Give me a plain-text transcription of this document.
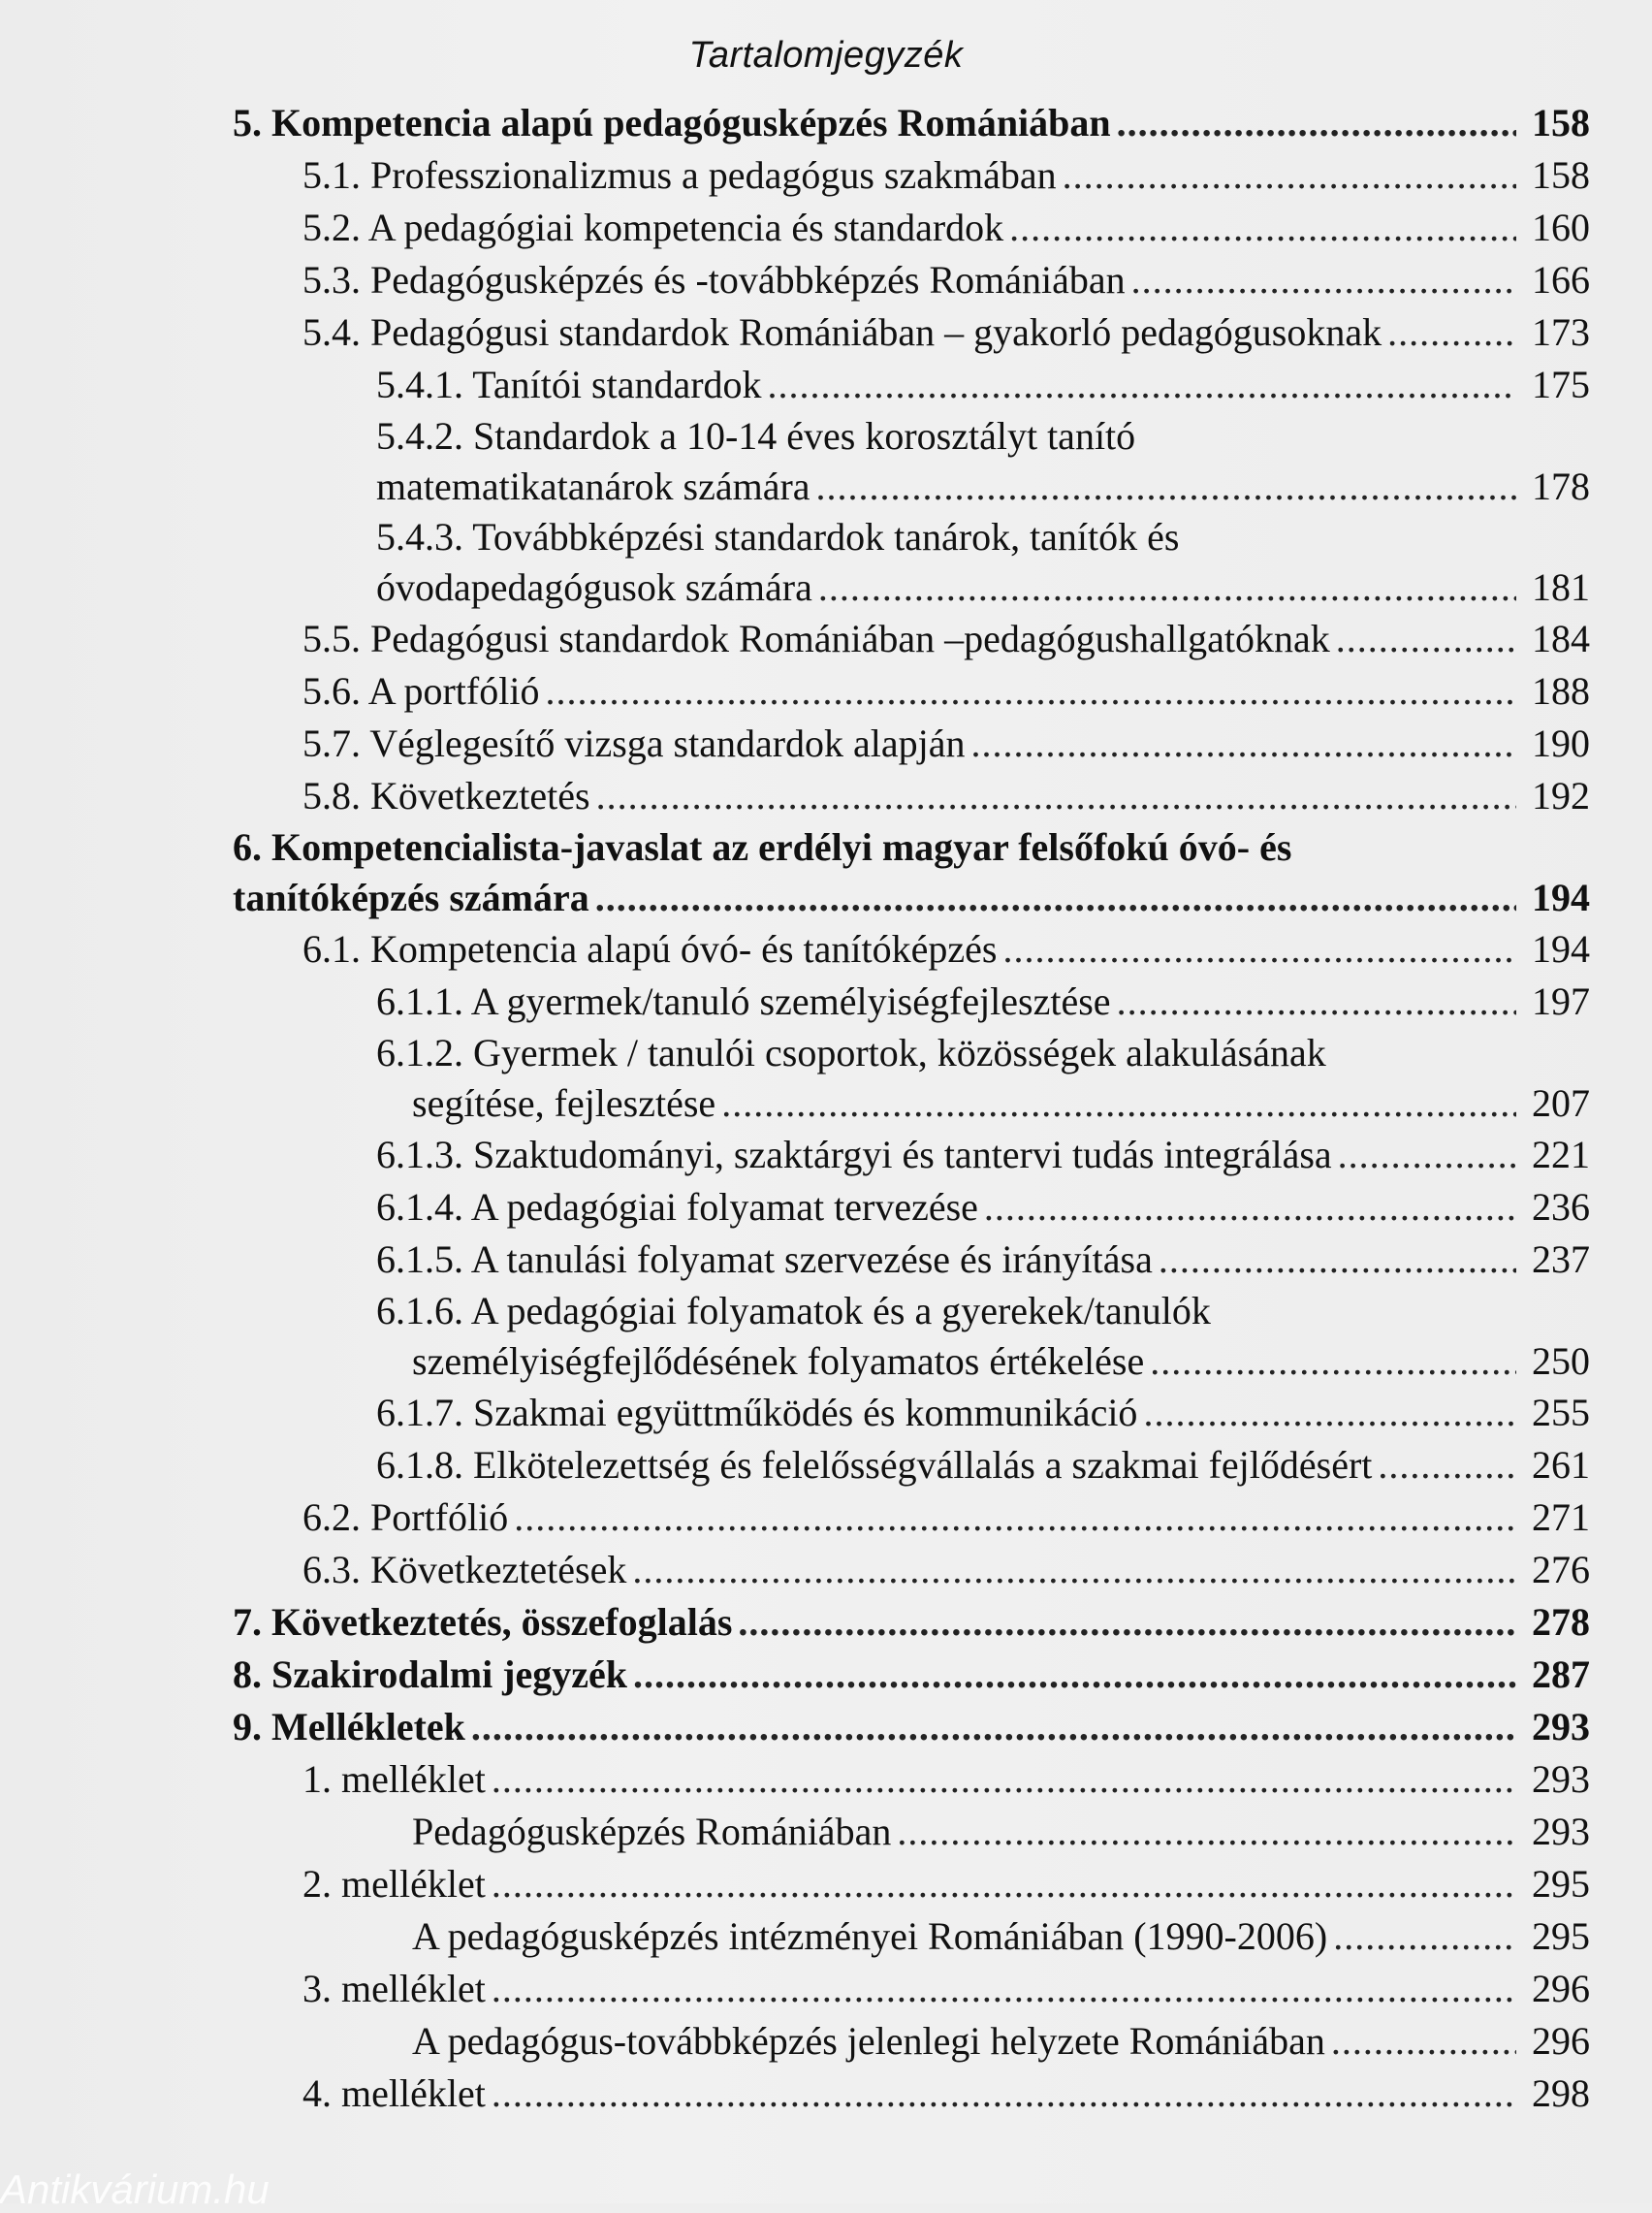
Tartalomjegyzék
5. Kompetencia alapú pedagógusképzés Romániában .....	158
5.1. Professzionalizmus a pedagógus szakmában .....	158
5.2. A pedagógiai kompetencia és standardok .....	160
5.3. Pedagógusképzés és -továbbképzés Romániában .....	166
5.4. Pedagógusi standardok Romániában – gyakorló pedagógusoknak .....	173
5.4.1. Tanítói standardok .....	175
5.4.2. Standardok a 10-14 éves korosztályt tanító
matematikatanárok számára .....	178
5.4.3. Továbbképzési standardok tanárok, tanítók és
óvodapedagógusok számára .....	181
5.5. Pedagógusi standardok Romániában –pedagógushallgatóknak .....	184
5.6. A portfólió .....	188
5.7. Véglegesítő vizsga standardok alapján .....	190
5.8. Következtetés .....	192
6. Kompetencialista-javaslat az erdélyi magyar felsőfokú óvó- és
tanítóképzés számára .....	194
6.1. Kompetencia alapú óvó- és tanítóképzés .....	194
6.1.1. A gyermek/tanuló személyiségfejlesztése .....	197
6.1.2. Gyermek / tanulói csoportok, közösségek alakulásának
segítése, fejlesztése .....	207
6.1.3. Szaktudományi, szaktárgyi és tantervi tudás integrálása .....	221
6.1.4. A pedagógiai folyamat tervezése .....	236
6.1.5. A tanulási folyamat szervezése és irányítása .....	237
6.1.6. A pedagógiai folyamatok és a gyerekek/tanulók
személyiségfejlődésének folyamatos értékelése .....	250
6.1.7. Szakmai együttműködés és kommunikáció .....	255
6.1.8. Elkötelezettség és felelősségvállalás a szakmai fejlődésért .....	261
6.2. Portfólió .....	271
6.3. Következtetések .....	276
7. Következtetés, összefoglalás .....	278
8. Szakirodalmi jegyzék .....	287
9. Mellékletek .....	293
1. melléklet .....	293
Pedagógusképzés Romániában .....	293
2. melléklet .....	295
A pedagógusképzés intézményei Romániában (1990-2006) .....	295
3. melléklet .....	296
A pedagógus-továbbképzés jelenlegi helyzete Romániában .....	296
4. melléklet .....	298
Antikvárium.hu
